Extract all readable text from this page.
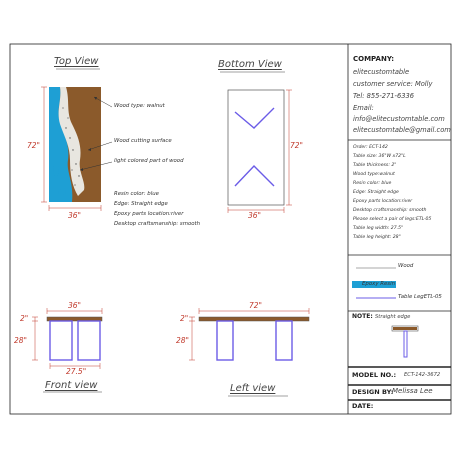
Top View	Bottom View
Front view	Left view
Wood type: walnut
Wood cutting surface
light colored part of wood
Resin color: blue
Edge: Straight edge
Epoxy parts location:river
Desktop craftsmanship: smooth
72"
36"
72"
36"
36"
2"
28"
27.5"
72"
2"
28"
COMPANY:
elitecustomtable
customer service: Molly
Tel: 855-271-6336
Email:
info@elitecustomtable.com
elitecustomtable@gmail.com
Order: ECT-142
Table size: 36"W x72"L
Table thickness: 2"
Wood type:walnut
Resin color: blue
Edge: Straight edge
Epoxy parts location:river
Desktop craftsmanship: smooth
Please select a pair of legs:ETL-05
Table leg width: 27.5"
Table leg height: 28"
Wood
Epoxy Resin
Table LegETL-05
NOTE: Straight edge
MODEL NO.: ECT-142-3672
DESIGN BY:
Melissa Lee
DATE:
